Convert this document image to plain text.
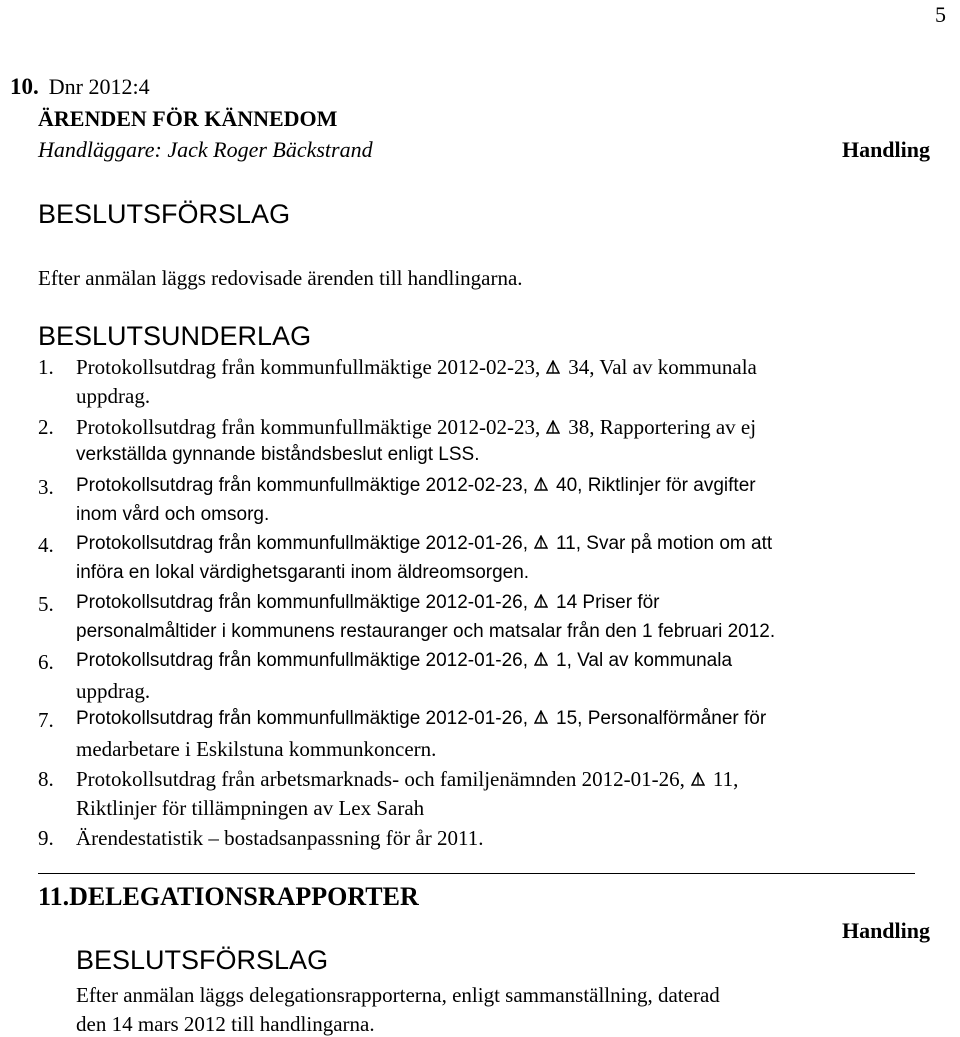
5
10. Dnr 2012:4
ÄRENDEN FÖR KÄNNEDOM
Handläggare: Jack Roger Bäckstrand	Handling
BESLUTSFÖRSLAG
Efter anmälan läggs redovisade ärenden till handlingarna.
BESLUTSUNDERLAG
1.	Protokollsutdrag från kommunfullmäktige 2012-02-23, 34, Val av kommunala
uppdrag.
2.	Protokollsutdrag från kommunfullmäktige 2012-02-23, 38, Rapportering av ej
verkställda gynnande biståndsbeslut enligt LSS.
3.	Protokollsutdrag från kommunfullmäktige 2012-02-23, 40, Riktlinjer för avgifter
inom vård och omsorg.
4.	Protokollsutdrag från kommunfullmäktige 2012-01-26, 11, Svar på motion om att
införa en lokal värdighetsgaranti inom äldreomsorgen.
5.	Protokollsutdrag från kommunfullmäktige 2012-01-26, 14 Priser för
personalmåltider i kommunens restauranger och matsalar från den 1 februari 2012.
6.	Protokollsutdrag från kommunfullmäktige 2012-01-26, 1, Val av kommunala
uppdrag.
7.	Protokollsutdrag från kommunfullmäktige 2012-01-26, 15, Personalförmåner för
medarbetare i Eskilstuna kommunkoncern.
8.	Protokollsutdrag från arbetsmarknads- och familjenämnden 2012-01-26, 11,
Riktlinjer för tillämpningen av Lex Sarah
9.	Ärendestatistik – bostadsanpassning för år 2011.
11.DELEGATIONSRAPPORTER
Handling
BESLUTSFÖRSLAG
Efter anmälan läggs delegationsrapporterna, enligt sammanställning, daterad
den 14 mars 2012 till handlingarna.
